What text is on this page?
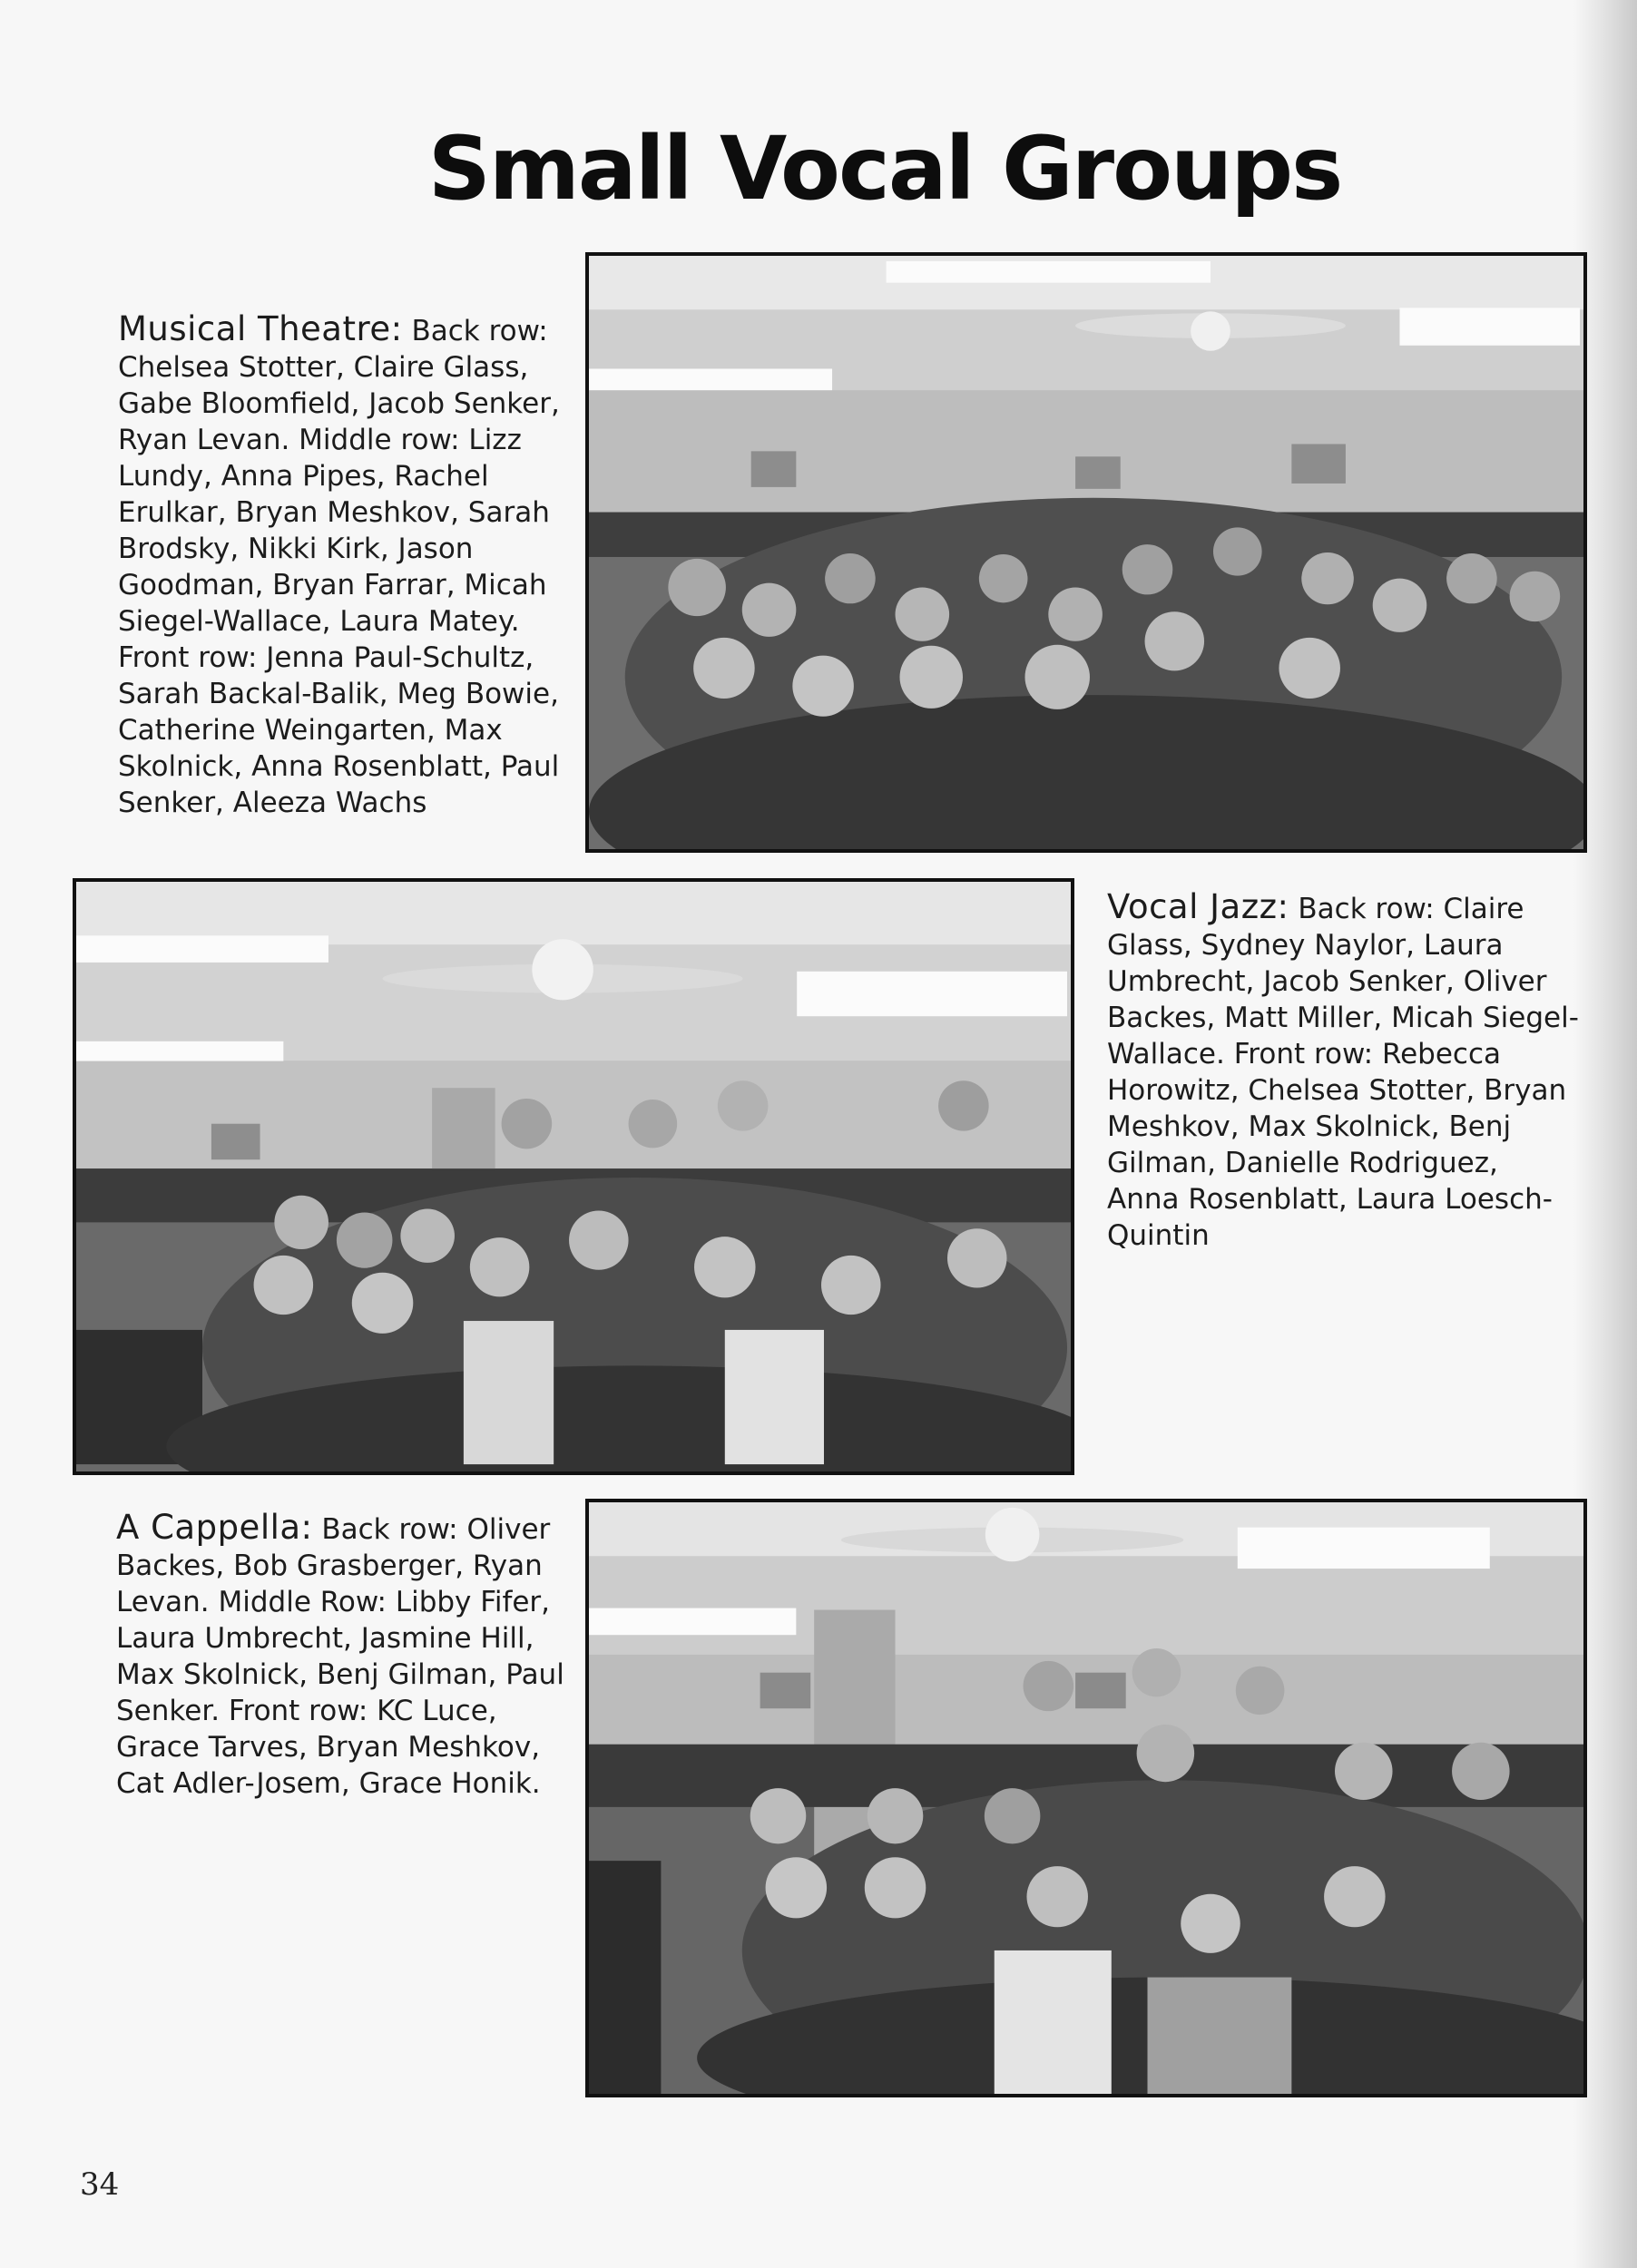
Small Vocal Groups
Musical Theatre: Back row: Chelsea Stotter, Claire Glass, Gabe Bloomfield, Jacob Senker, Ryan Levan. Middle row: Lizz Lundy, Anna Pipes, Rachel Erulkar, Bryan Meshkov, Sarah Brodsky, Nikki Kirk, Jason Goodman, Bryan Farrar, Micah Siegel-Wallace, Laura Matey. Front row: Jenna Paul-Schultz, Sarah Backal-Balik, Meg Bowie, Catherine Weingarten, Max Skolnick, Anna Rosenblatt, Paul Senker, Aleeza Wachs
Vocal Jazz: Back row: Claire Glass, Sydney Naylor, Laura Umbrecht, Jacob Senker, Oliver Backes, Matt Miller, Micah Siegel-Wallace. Front row: Rebecca Horowitz, Chelsea Stotter, Bryan Meshkov, Max Skolnick, Benj Gilman, Danielle Rodriguez, Anna Rosenblatt, Laura Loesch-Quintin
A Cappella: Back row: Oliver Backes, Bob Grasberger, Ryan Levan. Middle Row: Libby Fifer, Laura Umbrecht, Jasmine Hill, Max Skolnick, Benj Gilman, Paul Senker. Front row: KC Luce, Grace Tarves, Bryan Meshkov, Cat Adler-Josem, Grace Honik.
34
